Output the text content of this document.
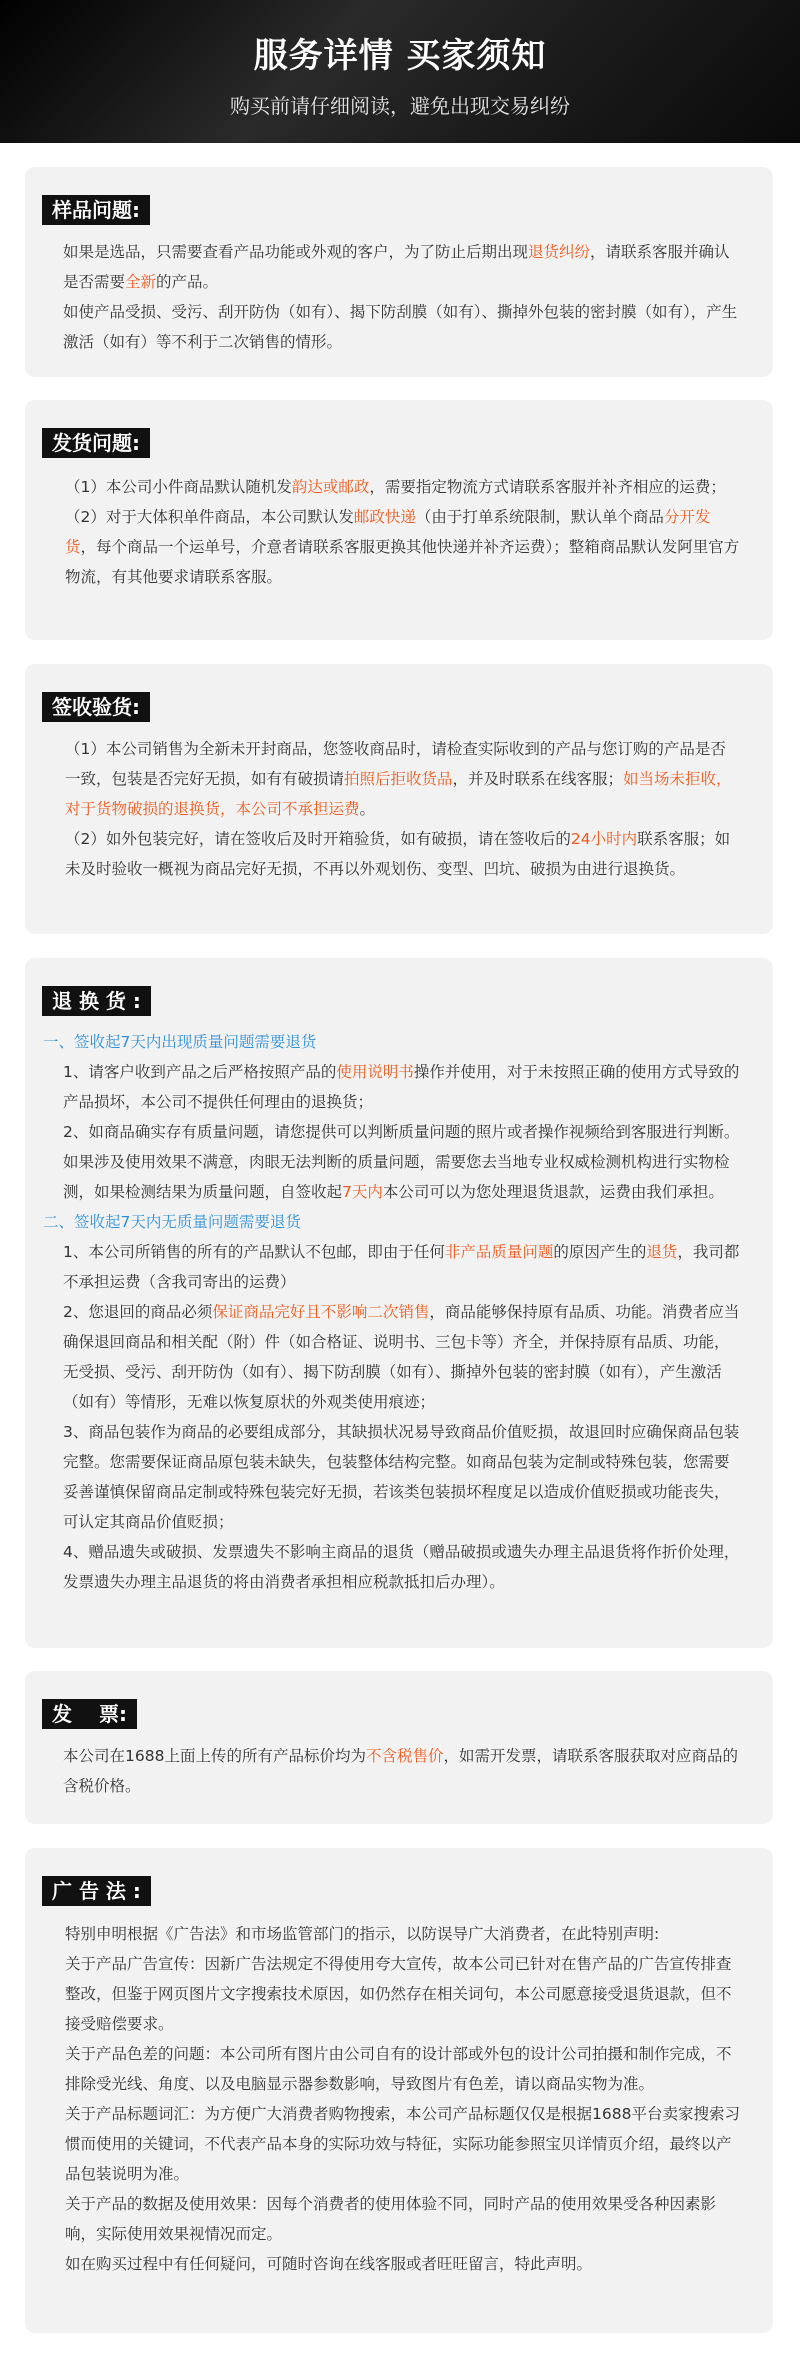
服务详情 买家须知
购买前请仔细阅读，避免出现交易纠纷
样品问题:

如果是选品，只需要查看产品功能或外观的客户，为了防止后期出现退货纠纷，请联系客服并确认是否需要全新的产品。

如使产品受损、受污、刮开防伪（如有）、揭下防刮膜（如有）、撕掉外包装的密封膜（如有），产生激活（如有）等不利于二次销售的情形。

发货问题:

（1）本公司小件商品默认随机发韵达或邮政，需要指定物流方式请联系客服并补齐相应的运费；

（2）对于大体积单件商品，本公司默认发邮政快递（由于打单系统限制，默认单个商品分开发货，每个商品一个运单号，介意者请联系客服更换其他快递并补齐运费）；整箱商品默认发阿里官方物流，有其他要求请联系客服。

签收验货:

（1）本公司销售为全新未开封商品，您签收商品时，请检查实际收到的产品与您订购的产品是否一致，包装是否完好无损，如有有破损请拍照后拒收货品，并及时联系在线客服；如当场未拒收，对于货物破损的退换货，本公司不承担运费。

（2）如外包装完好，请在签收后及时开箱验货，如有破损，请在签收后的24小时内联系客服；如未及时验收一概视为商品完好无损，不再以外观划伤、变型、凹坑、破损为由进行退换货。

退 换 货 :

一、签收起7天内出现质量问题需要退货

1、请客户收到产品之后严格按照产品的使用说明书操作并使用，对于未按照正确的使用方式导致的产品损坏，本公司不提供任何理由的退换货；

2、如商品确实存有质量问题，请您提供可以判断质量问题的照片或者操作视频给到客服进行判断。如果涉及使用效果不满意，肉眼无法判断的质量问题，需要您去当地专业权威检测机构进行实物检测，如果检测结果为质量问题，自签收起7天内本公司可以为您处理退货退款，运费由我们承担。

二、签收起7天内无质量问题需要退货

1、本公司所销售的所有的产品默认不包邮，即由于任何非产品质量问题的原因产生的退货，我司都不承担运费（含我司寄出的运费）

2、您退回的商品必须保证商品完好且不影响二次销售，商品能够保持原有品质、功能。消费者应当确保退回商品和相关配（附）件（如合格证、说明书、三包卡等）齐全，并保持原有品质、功能，无受损、受污、刮开防伪（如有）、揭下防刮膜（如有）、撕掉外包装的密封膜（如有），产生激活（如有）等情形，无难以恢复原状的外观类使用痕迹；

3、商品包装作为商品的必要组成部分，其缺损状况易导致商品价值贬损，故退回时应确保商品包装完整。您需要保证商品原包装未缺失，包装整体结构完整。如商品包装为定制或特殊包装，您需要妥善谨慎保留商品定制或特殊包装完好无损，若该类包装损坏程度足以造成价值贬损或功能丧失，可认定其商品价值贬损；

4、赠品遗失或破损、发票遗失不影响主商品的退货（赠品破损或遗失办理主品退货将作折价处理，发票遗失办理主品退货的将由消费者承担相应税款抵扣后办理）。

发　 票:

本公司在1688上面上传的所有产品标价均为不含税售价，如需开发票，请联系客服获取对应商品的含税价格。

广 告 法 :

特别申明根据《广告法》和市场监管部门的指示，以防误导广大消费者，在此特别声明:

关于产品广告宣传：因新广告法规定不得使用夸大宣传，故本公司已针对在售产品的广告宣传排查整改，但鉴于网页图片文字搜索技术原因，如仍然存在相关词句，本公司愿意接受退货退款，但不接受赔偿要求。

关于产品色差的问题：本公司所有图片由公司自有的设计部或外包的设计公司拍摄和制作完成，不排除受光线、角度、以及电脑显示器参数影响，导致图片有色差，请以商品实物为准。

关于产品标题词汇：为方便广大消费者购物搜索，本公司产品标题仅仅是根据1688平台卖家搜索习惯而使用的关键词，不代表产品本身的实际功效与特征，实际功能参照宝贝详情页介绍，最终以产品包装说明为准。

关于产品的数据及使用效果：因每个消费者的使用体验不同，同时产品的使用效果受各种因素影响，实际使用效果视情况而定。

如在购买过程中有任何疑问，可随时咨询在线客服或者旺旺留言，特此声明。
